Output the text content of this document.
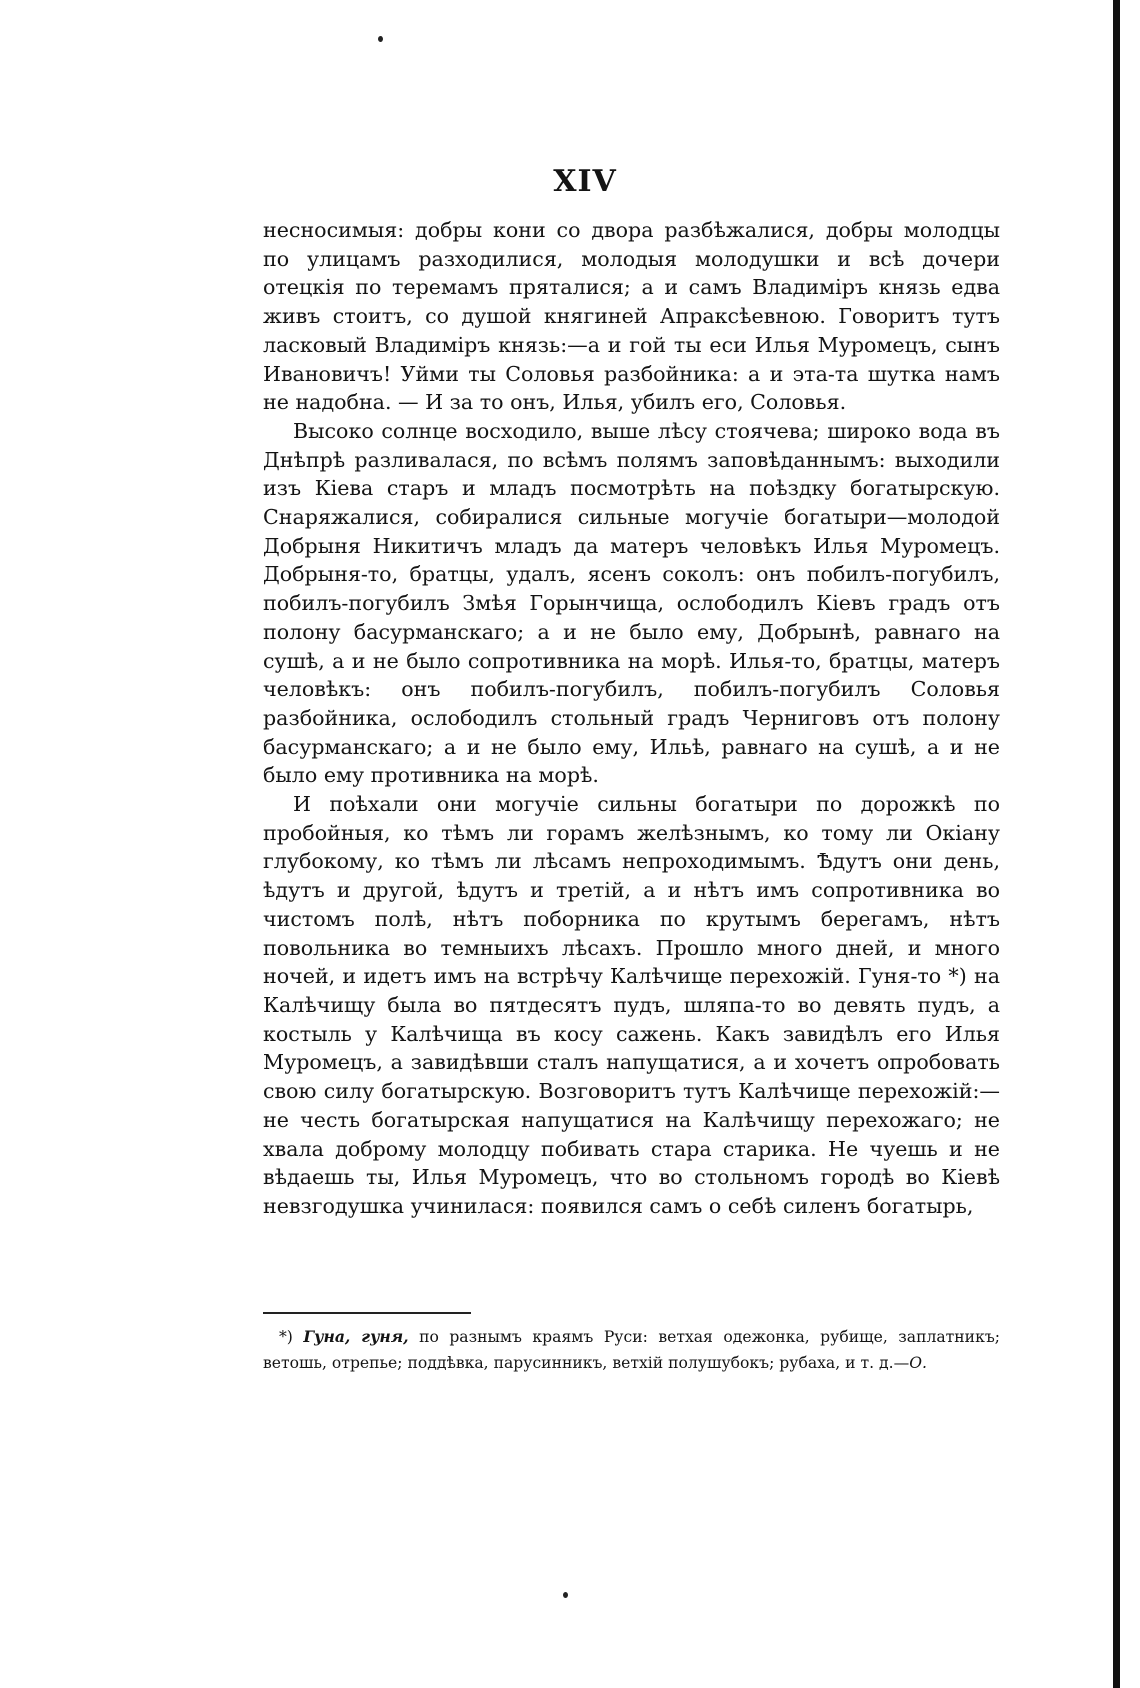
XIV

несносимыя: добры кони со двора разбѣжалися, добры молодцы по улицамъ разходилися, молодыя молодушки и всѣ дочери отецкія по теремамъ пряталися; а и самъ Владиміръ князь едва живъ стоитъ, со душой княгиней Апраксѣевною. Говоритъ тутъ ласковый Владиміръ князь:—а и гой ты еси Илья Муромецъ, сынъ Ивановичъ! Уйми ты Соловья разбойника: а и эта-та шутка намъ не надобна. — И за то онъ, Илья, убилъ его, Соловья.

Высоко солнце восходило, выше лѣсу стоячева; широко вода въ Днѣпрѣ разливалася, по всѣмъ полямъ заповѣданнымъ: выходили изъ Кіева старъ и младъ посмотрѣть на поѣздку богатырскую. Снаряжалися, собиралися сильные могучіе богатыри—молодой Добрыня Никитичъ младъ да матеръ человѣкъ Илья Муромецъ. Добрыня-то, братцы, удалъ, ясенъ соколъ: онъ побилъ-погубилъ, побилъ-погубилъ Змѣя Горынчища, ослободилъ Кіевъ градъ отъ полону басурманскаго; а и не было ему, Добрынѣ, равнаго на сушѣ, а и не было сопротивника на морѣ. Илья-то, братцы, матеръ человѣкъ: онъ побилъ-погубилъ, побилъ-погубилъ Соловья разбойника, ослободилъ стольный градъ Черниговъ отъ полону басурманскаго; а и не было ему, Ильѣ, равнаго на сушѣ, а и не было ему противника на морѣ.

И поѣхали они могучіе сильны богатыри по дорожкѣ по пробойныя, ко тѣмъ ли горамъ желѣзнымъ, ко тому ли Окіану глубокому, ко тѣмъ ли лѣсамъ непроходимымъ. Ѣдутъ они день, ѣдутъ и другой, ѣдутъ и третій, а и нѣтъ имъ сопротивника во чистомъ полѣ, нѣтъ поборника по крутымъ берегамъ, нѣтъ повольника во темныихъ лѣсахъ. Прошло много дней, и много ночей, и идетъ имъ на встрѣчу Калѣчище перехожій. Гуня-то *) на Калѣчищу была во пятдесятъ пудъ, шляпа-то во девять пудъ, а костыль у Калѣчища въ косу сажень. Какъ завидѣлъ его Илья Муромецъ, а завидѣвши сталъ напущатися, а и хочетъ опробовать свою силу богатырскую. Возговоритъ тутъ Калѣчище перехожій:—не честь богатырская напущатися на Калѣчищу перехожаго; не хвала доброму молодцу побивать стара старика. Не чуешь и не вѣдаешь ты, Илья Муромецъ, что во стольномъ городѣ во Кіевѣ невзгодушка учинилася: появился самъ о себѣ силенъ богатырь,

*) Гуна, гуня, по разнымъ краямъ Руси: ветхая одежонка, рубище, заплатникъ; ветошь, отрепье; поддѣвка, парусинникъ, ветхій полушубокъ; рубаха, и т. д.—О.
